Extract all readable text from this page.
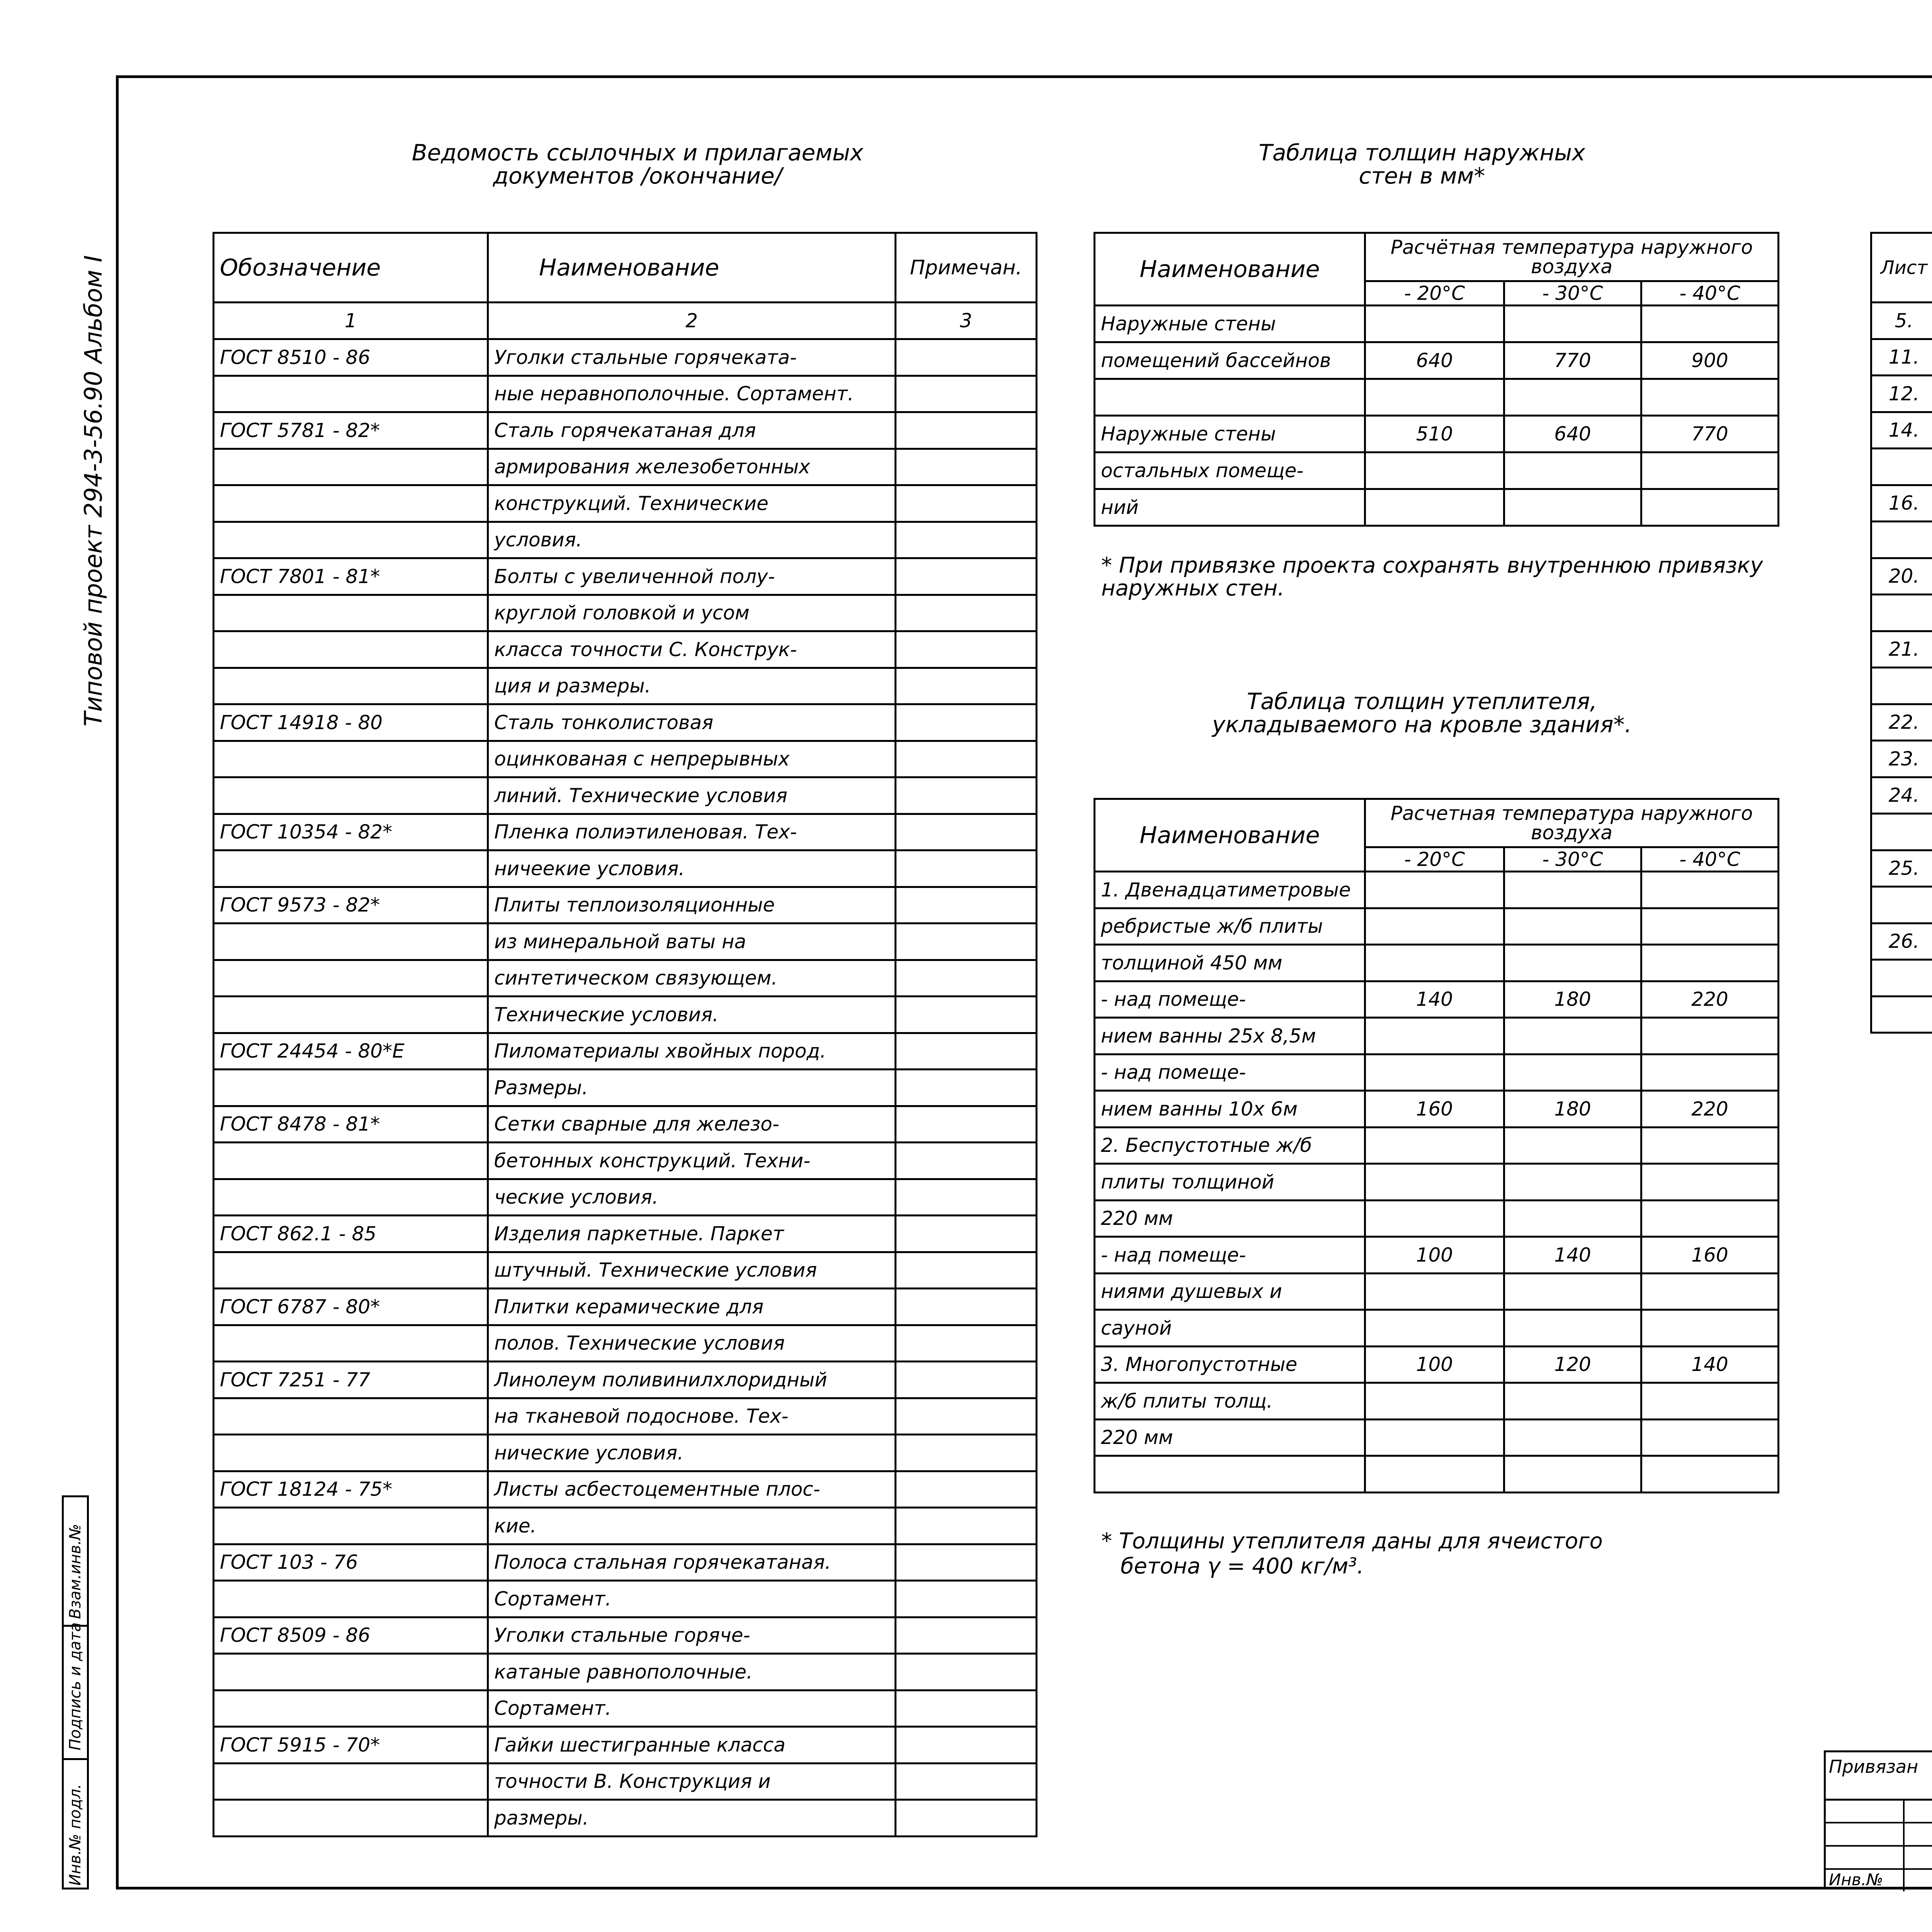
Типовой проект 294-3-56.90 Альбом I
Инв.№ подл.
Подпись и дата
Взам.инв.№
Ведомость ссылочных и прилагаемых
документов /окончание/
Обозначение	Наименование	Примечан.
1	2	3
ГОСТ 8510 - 86	Уголки стальные горячеката-	
	ные неравнополочные. Сортамент.	
ГОСТ 5781 - 82*	Сталь горячекатаная для	
	армирования железобетонных	
	конструкций. Технические	
	условия.	
ГОСТ 7801 - 81*	Болты с увеличенной полу-	
	круглой головкой и усом	
	класса точности С. Конструк-	
	ция и размеры.	
ГОСТ 14918 - 80	Сталь тонколистовая	
	оцинкованая с непрерывных	
	линий. Технические условия	
ГОСТ 10354 - 82*	Пленка полиэтиленовая. Тех-	
	ничеекие условия.	
ГОСТ 9573 - 82*	Плиты теплоизоляционные	
	из минеральной ваты на	
	синтетическом связующем.	
	Технические условия.	
ГОСТ 24454 - 80*Е	Пиломатериалы хвойных пород.	
	Размеры.	
ГОСТ 8478 - 81*	Сетки сварные для железо-	
	бетонных конструкций. Техни-	
	ческие условия.	
ГОСТ 862.1 - 85	Изделия паркетные. Паркет	
	штучный. Технические условия	
ГОСТ 6787 - 80*	Плитки керамические для	
	полов. Технические условия	
ГОСТ 7251 - 77	Линолеум поливинилхлоридный	
	на тканевой подоснове. Тех-	
	нические условия.	
ГОСТ 18124 - 75*	Листы асбестоцементные плос-	
	кие.	
ГОСТ 103 - 76	Полоса стальная горячекатаная.	
	Сортамент.	
ГОСТ 8509 - 86	Уголки стальные горяче-	
	катаные равнополочные.	
	Сортамент.	
ГОСТ 5915 - 70*	Гайки шестигранные класса	
	точности В. Конструкция и	
	размеры.	
Таблица толщин наружных
стен в мм*
Наименование	Расчётная температура наружного воздуха		
	- 20°С	- 30°С	- 40°С
Наружные стены			
помещений бассейнов	640	770	900

Наружные стены	510	640	770
остальных помеще-			
ний			
* При привязке проекта сохранять внутреннюю привязку наружных стен.
Таблица толщин утеплителя,
укладываемого на кровле здания*.
Наименование	Расчетная температура наружного воздуха		
	- 20°С	- 30°С	- 40°С
1. Двенадцатиметровые			
ребристые ж/б плиты			
толщиной 450 мм			
- над помеще-	140	180	220
нием ванны 25х 8,5м			
- над помеще-			
нием ванны 10х 6м	160	180	220
2. Беспустотные ж/б			
плиты толщиной			
220 мм			
- над помеще-	100	140	160
ниями душевых и			
сауной			
3. Многопустотные	100	120	140
ж/б плиты толщ.			
220 мм			

* Толщины утеплителя даны для ячеистого
бетона γ = 400 кг/м³.
Лист		
5.		
11.		
12.		
14.		

16.		

20.		

21.		

22.		
23.		
24.		

25.		

26.		

Привязан
Инв.№
